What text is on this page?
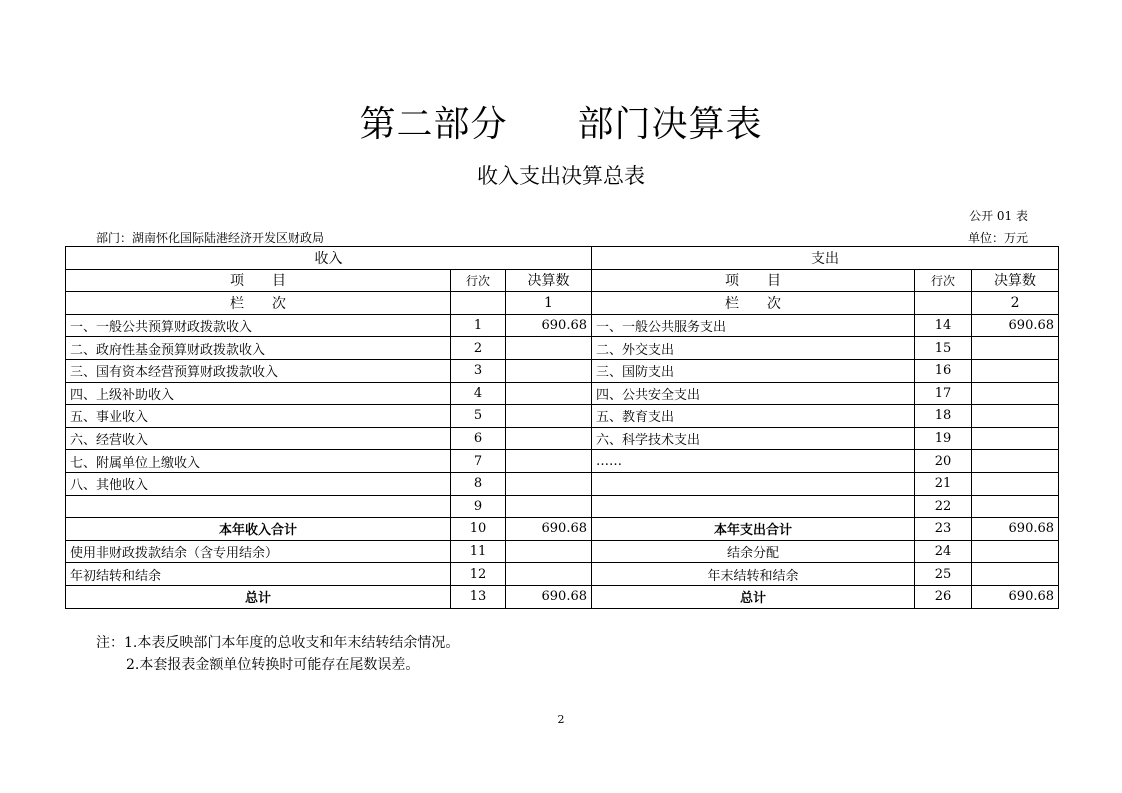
第二部分 部门决算表
收入支出决算总表
公开 01 表
部门：湖南怀化国际陆港经济开发区财政局	单位：万元
收入			支出		
项　　目	行次	决算数	项　　目	行次	决算数
栏　　次		1	栏　　次		2
一、一般公共预算财政拨款收入	1	690.68	一、一般公共服务支出	14	690.68
二、政府性基金预算财政拨款收入	2		二、外交支出	15	
三、国有资本经营预算财政拨款收入	3		三、国防支出	16	
四、上级补助收入	4		四、公共安全支出	17	
五、事业收入	5		五、教育支出	18	
六、经营收入	6		六、科学技术支出	19	
七、附属单位上缴收入	7		……	20	
八、其他收入	8			21	
	9			22	
本年收入合计	10	690.68	本年支出合计	23	690.68
使用非财政拨款结余（含专用结余）	11		结余分配	24	
年初结转和结余	12		年末结转和结余	25	
总计	13	690.68	总计	26	690.68
注：1.本表反映部门本年度的总收支和年末结转结余情况。
2.本套报表金额单位转换时可能存在尾数误差。
2
